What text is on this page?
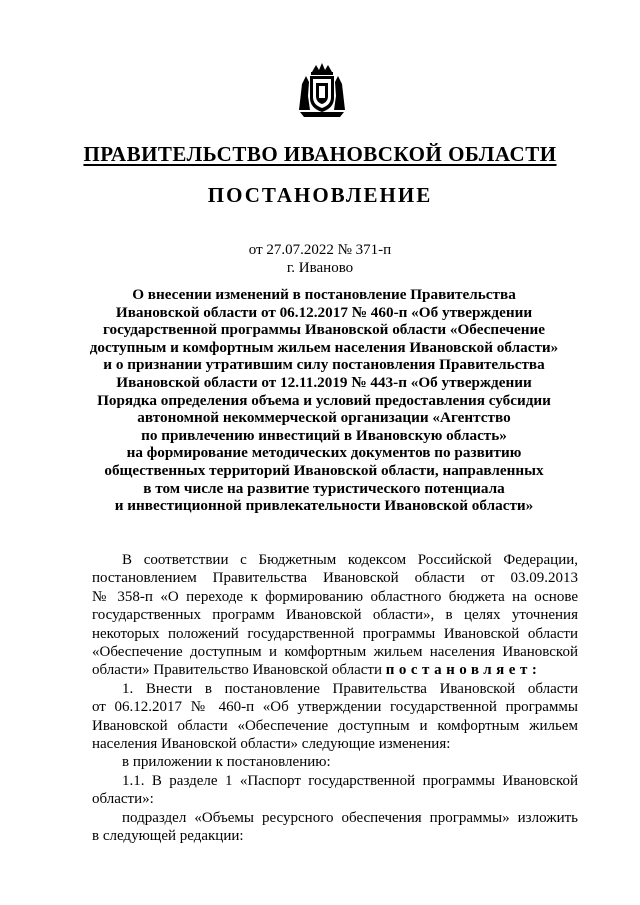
ПРАВИТЕЛЬСТВО ИВАНОВСКОЙ ОБЛАСТИ
ПОСТАНОВЛЕНИЕ
от 27.07.2022 № 371-п
г. Иваново
О внесении изменений в постановление Правительства
Ивановской области от 06.12.2017 № 460-п «Об утверждении
государственной программы Ивановской области «Обеспечение
доступным и комфортным жильем населения Ивановской области»
и о признании утратившим силу постановления Правительства
Ивановской области от 12.11.2019 № 443-п «Об утверждении
Порядка определения объема и условий предоставления субсидии
автономной некоммерческой организации «Агентство
по привлечению инвестиций в Ивановскую область»
на формирование методических документов по развитию
общественных территорий Ивановской области, направленных
в том числе на развитие туристического потенциала
и инвестиционной привлекательности Ивановской области»
В соответствии с Бюджетным кодексом Российской Федерации,
постановлением Правительства Ивановской области от 03.09.2013
№ 358-п «О переходе к формированию областного бюджета на основе
государственных программ Ивановской области», в целях уточнения
некоторых положений государственной программы Ивановской области
«Обеспечение доступным и комфортным жильем населения Ивановской
области» Правительство Ивановской области постановляет:
1. Внести в постановление Правительства Ивановской области
от 06.12.2017 № 460-п «Об утверждении государственной программы
Ивановской области «Обеспечение доступным и комфортным жильем
населения Ивановской области» следующие изменения:
в приложении к постановлению:
1.1. В разделе 1 «Паспорт государственной программы Ивановской
области»:
подраздел «Объемы ресурсного обеспечения программы» изложить
в следующей редакции:
